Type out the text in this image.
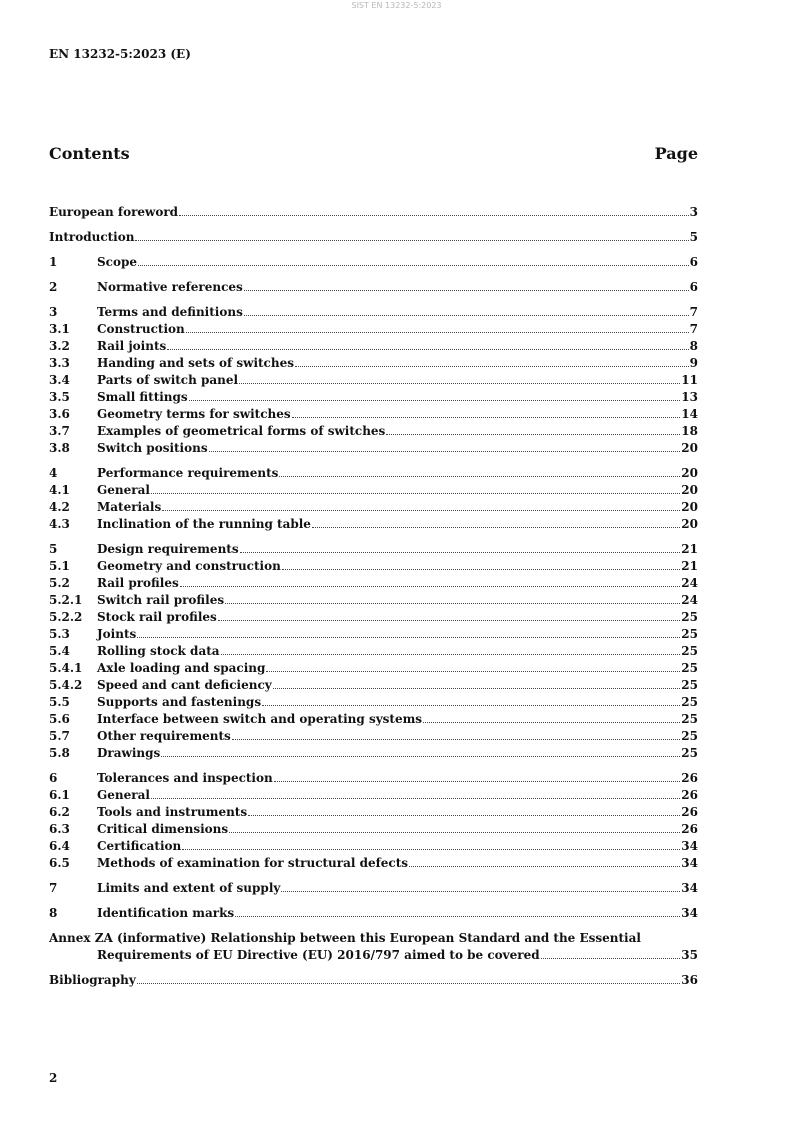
SIST EN 13232-5:2023
EN 13232-5:2023 (E)
Contents	Page
European foreword	3
Introduction	5
1	Scope	6
2	Normative references	6
3	Terms and definitions	7
3.1	Construction	7
3.2	Rail joints	8
3.3	Handing and sets of switches	9
3.4	Parts of switch panel	11
3.5	Small fittings	13
3.6	Geometry terms for switches	14
3.7	Examples of geometrical forms of switches	18
3.8	Switch positions	20
4	Performance requirements	20
4.1	General	20
4.2	Materials	20
4.3	Inclination of the running table	20
5	Design requirements	21
5.1	Geometry and construction	21
5.2	Rail profiles	24
5.2.1	Switch rail profiles	24
5.2.2	Stock rail profiles	25
5.3	Joints	25
5.4	Rolling stock data	25
5.4.1	Axle loading and spacing	25
5.4.2	Speed and cant deficiency	25
5.5	Supports and fastenings	25
5.6	Interface between switch and operating systems	25
5.7	Other requirements	25
5.8	Drawings	25
6	Tolerances and inspection	26
6.1	General	26
6.2	Tools and instruments	26
6.3	Critical dimensions	26
6.4	Certification	34
6.5	Methods of examination for structural defects	34
7	Limits and extent of supply	34
8	Identification marks	34
Annex ZA (informative) Relationship between this European Standard and the Essential
Requirements of EU Directive (EU) 2016/797 aimed to be covered	35
Bibliography	36
2
